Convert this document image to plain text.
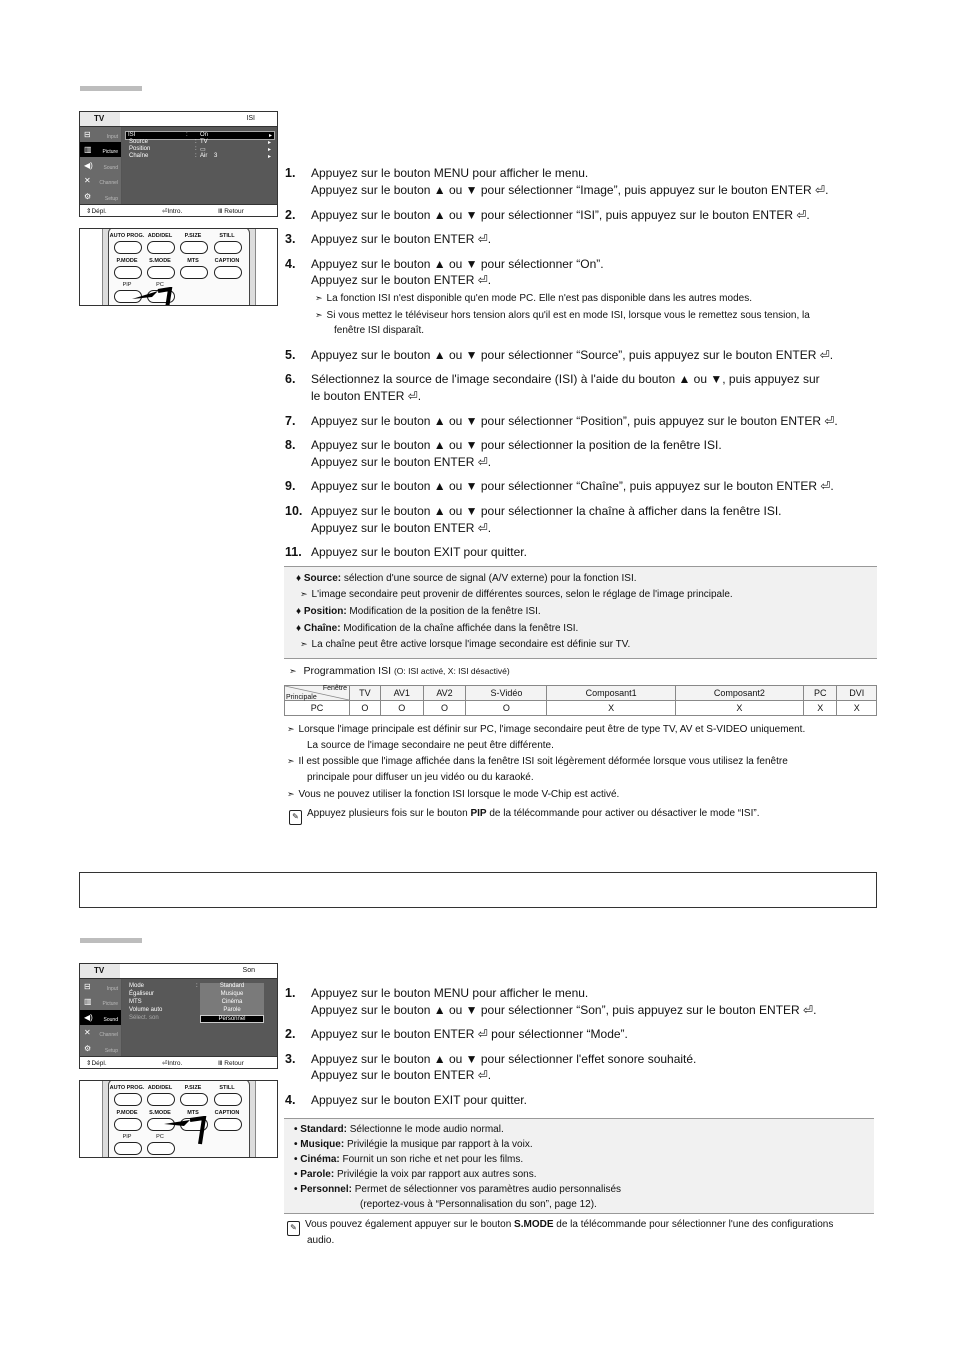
TV	ISI
⊟	Input
▥ Picture
◀) Sound
✕ Channel
⚙	Setup
ISI	: On	▸
Source	: TV	▸
Position	: ▭	▸
Chaîne	: Air    3	▸
⇕Dépl.	⏎Intro.	Ⅲ Retour
AUTO PROG. ADD/DEL	P.SIZE	STILL
P.MODE	S.MODE	MTS	CAPTION
PIP	PC
1. Appuyez sur le bouton MENU pour afficher le menu.
Appuyez sur le bouton ▲ ou ▼ pour sélectionner “Image”, puis appuyez sur le bouton ENTER ⏎.
2. Appuyez sur le bouton ▲ ou ▼ pour sélectionner “ISI”, puis appuyez sur le bouton ENTER ⏎.
3. Appuyez sur le bouton ENTER ⏎.
4. Appuyez sur le bouton ▲ ou ▼ pour sélectionner “On”.
Appuyez sur le bouton ENTER ⏎.
➣ La fonction ISI n'est disponible qu'en mode PC. Elle n'est pas disponible dans les autres modes.
➣ Si vous mettez le téléviseur hors tension alors qu'il est en mode ISI, lorsque vous le remettez sous tension, la
fenêtre ISI disparaît.
5. Appuyez sur le bouton ▲ ou ▼ pour sélectionner “Source”, puis appuyez sur le bouton ENTER ⏎.
6. Sélectionnez la source de l'image secondaire (ISI) à l'aide du bouton ▲ ou ▼, puis appuyez sur
le bouton ENTER ⏎.
7. Appuyez sur le bouton ▲ ou ▼ pour sélectionner “Position”, puis appuyez sur le bouton ENTER ⏎.
8. Appuyez sur le bouton ▲ ou ▼ pour sélectionner la position de la fenêtre ISI.
Appuyez sur le bouton ENTER ⏎.
9. Appuyez sur le bouton ▲ ou ▼ pour sélectionner “Chaîne”, puis appuyez sur le bouton ENTER ⏎.
10. Appuyez sur le bouton ▲ ou ▼ pour sélectionner la chaîne à afficher dans la fenêtre ISI.
Appuyez sur le bouton ENTER ⏎.
11. Appuyez sur le bouton EXIT pour quitter.
♦ Source: sélection d'une source de signal (A/V externe) pour la fonction ISI.
➣ L'image secondaire peut provenir de différentes sources, selon le réglage de l'image principale.
♦ Position: Modification de la position de la fenêtre ISI.
♦ Chaîne: Modification de la chaîne affichée dans la fenêtre ISI.
➣ La chaîne peut être active lorsque l'image secondaire est définie sur TV.
➣ Programmation ISI (O: ISI activé, X: ISI désactivé)
Fenêtre
Principale	TV	AV1	AV2	S-Vidéo	Composant1	Composant2	PC	DVI
PC	O	O	O	O	X	X	X	X
➣ Lorsque l'image principale est définir sur PC, l'image secondaire peut être de type TV, AV et S-VIDEO uniquement.
La source de l'image secondaire ne peut être différente.
➣ Il est possible que l'image affichée dans la fenêtre ISI soit légèrement déformée lorsque vous utilisez la fenêtre
principale pour diffuser un jeu vidéo ou du karaoké.
➣ Vous ne pouvez utiliser la fonction ISI lorsque le mode V-Chip est activé.
✎ Appuyez plusieurs fois sur le bouton PIP de la télécommande pour activer ou désactiver le mode “ISI”.
TV	Son
⊟	Input
▥ Picture
◀) Sound
✕ Channel
⚙	Setup
Mode
Égaliseur
MTS
Volume auto
Sélect. son
:	Standard
Musique
Cinéma
Parole
Personnel
⇕Dépl.	⏎Intro.	Ⅲ Retour
AUTO PROG. ADD/DEL	P.SIZE	STILL
P.MODE	S.MODE	MTS	CAPTION
PIP	PC
1. Appuyez sur le bouton MENU pour afficher le menu.
Appuyez sur le bouton ▲ ou ▼ pour sélectionner “Son”, puis appuyez sur le bouton ENTER ⏎.
2. Appuyez sur le bouton ENTER ⏎ pour sélectionner “Mode”.
3. Appuyez sur le bouton ▲ ou ▼ pour sélectionner l'effet sonore souhaité.
Appuyez sur le bouton ENTER ⏎.
4. Appuyez sur le bouton EXIT pour quitter.
• Standard: Sélectionne le mode audio normal.
• Musique: Privilégie la musique par rapport à la voix.
• Cinéma: Fournit un son riche et net pour les films.
• Parole: Privilégie la voix par rapport aux autres sons.
• Personnel: Permet de sélectionner vos paramètres audio personnalisés
(reportez-vous à “Personnalisation du son”, page 12).
✎ Vous pouvez également appuyer sur le bouton S.MODE de la télécommande pour sélectionner l'une des configurations
audio.
